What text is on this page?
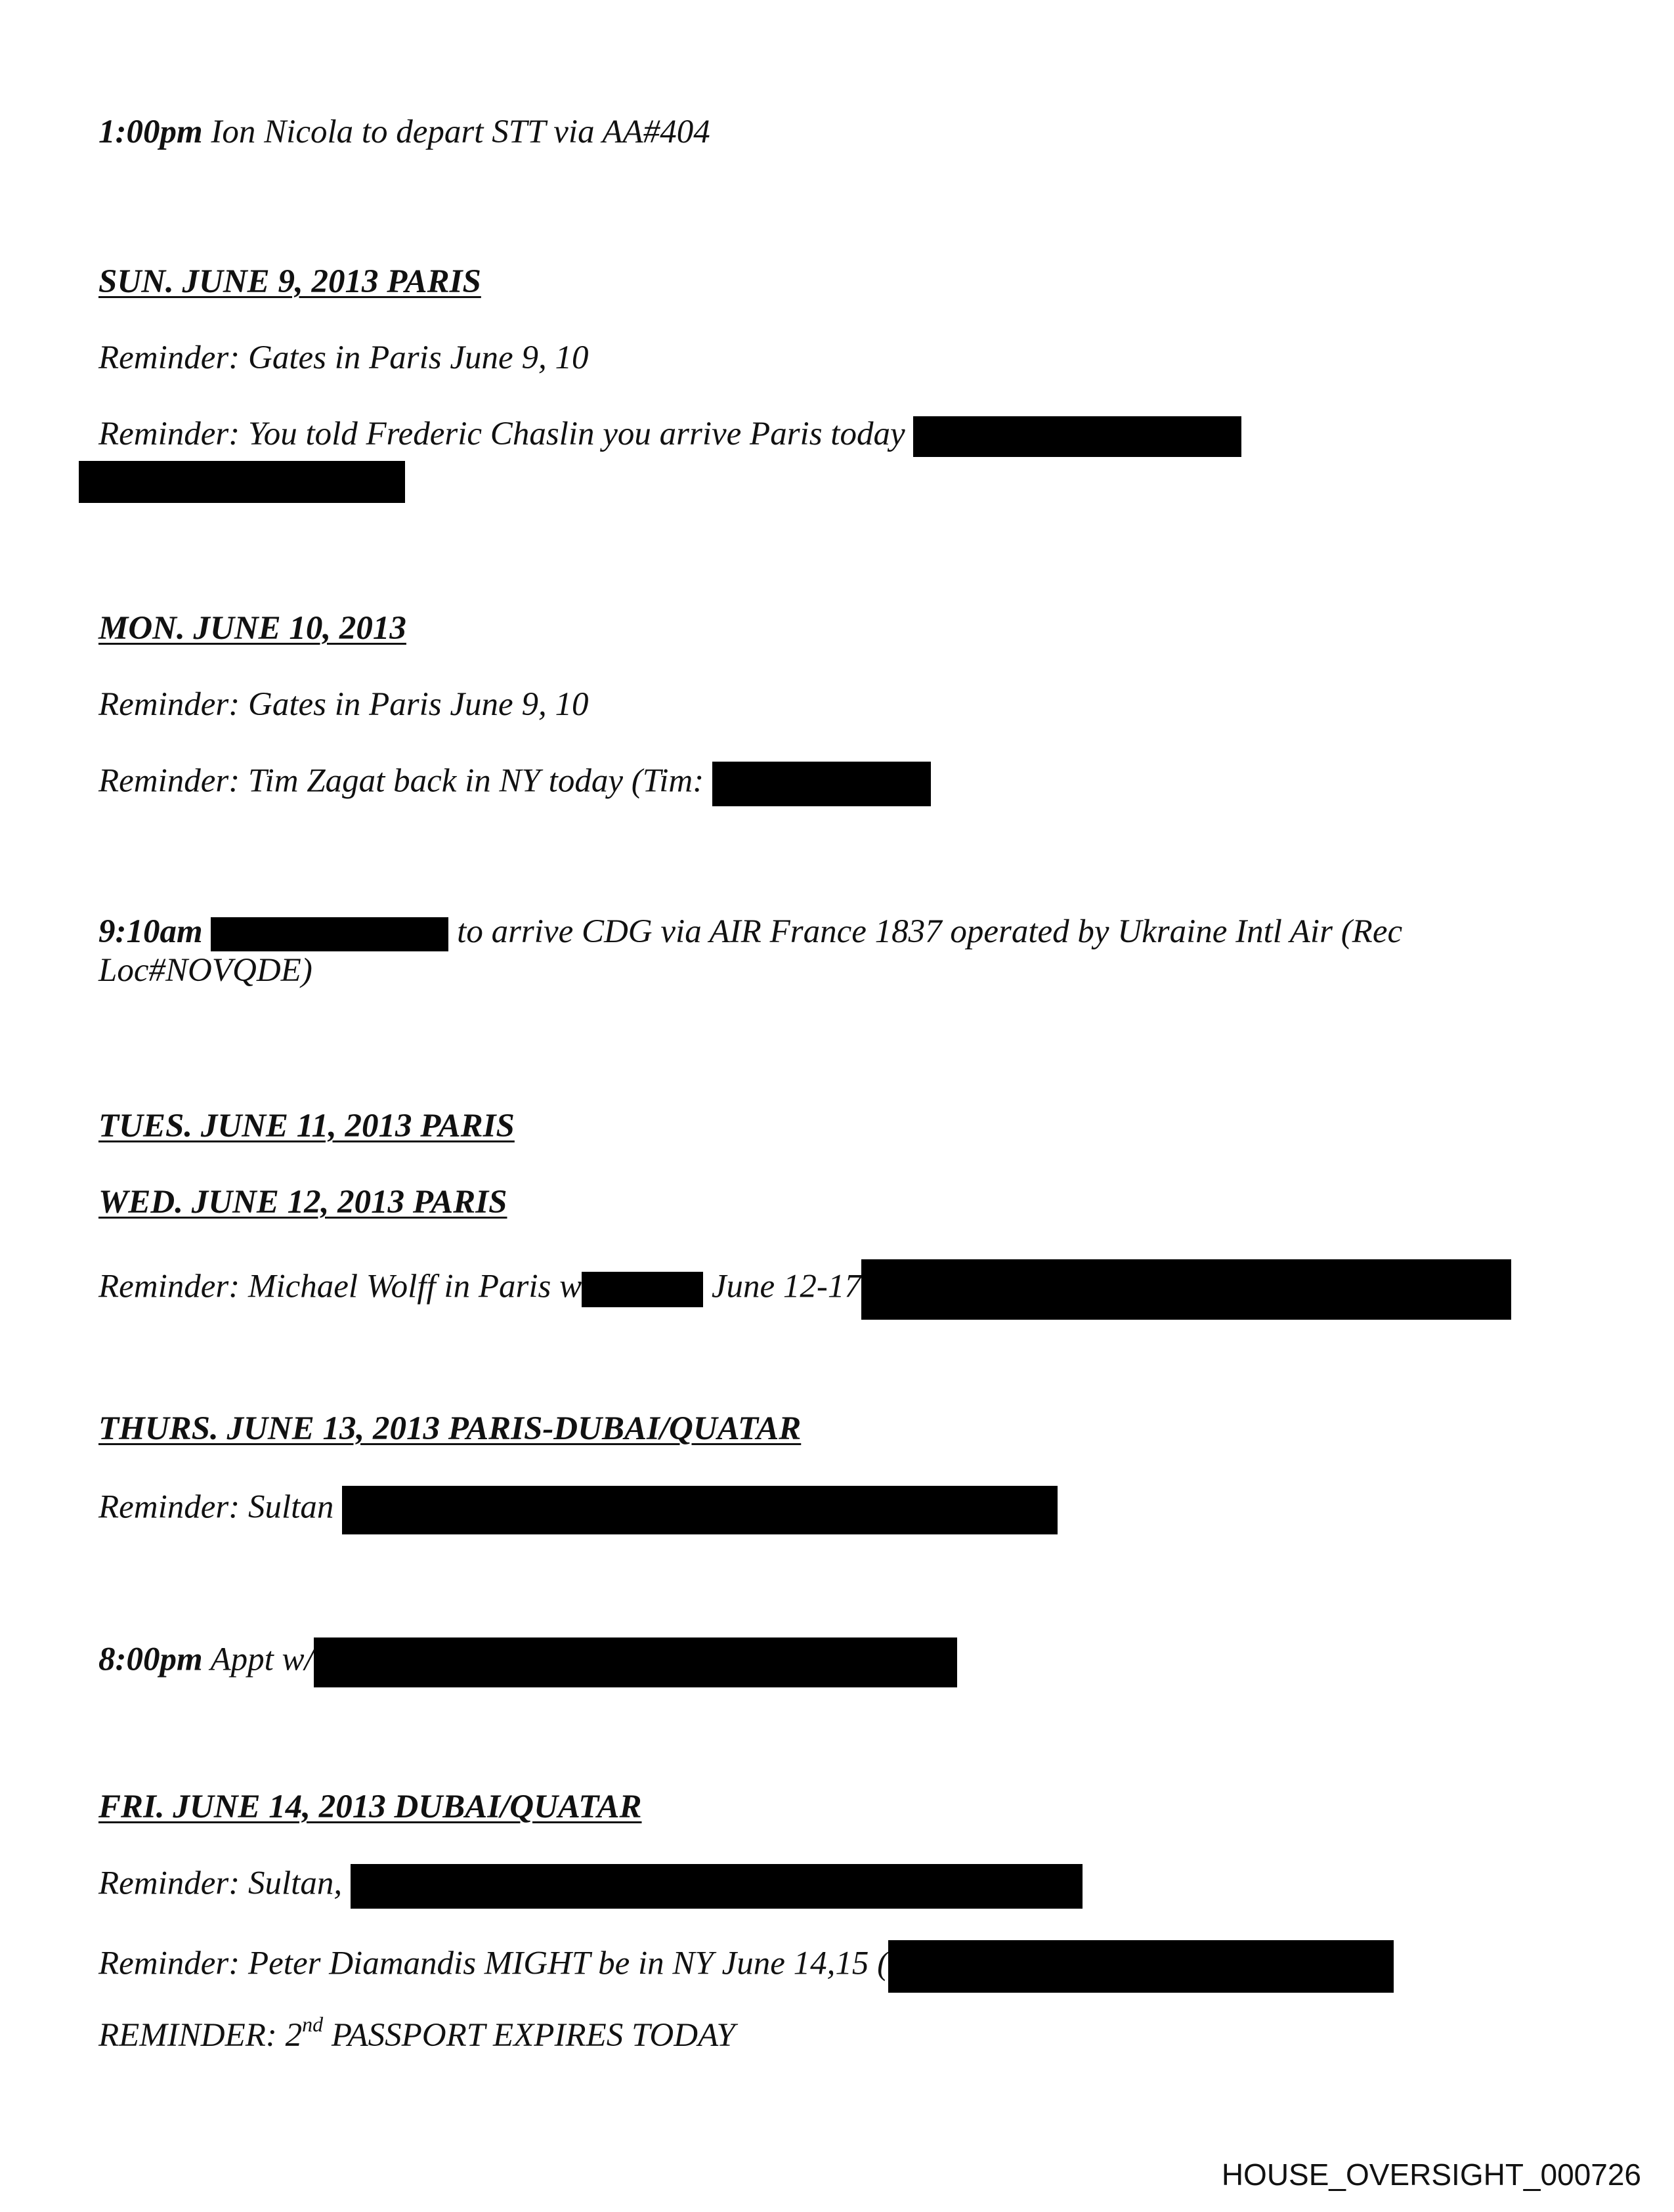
1:00pm Ion Nicola to depart STT via AA#404

SUN. JUNE 9, 2013 PARIS

Reminder: Gates in Paris June 9, 10

Reminder: You told Frederic Chaslin you arrive Paris today

MON. JUNE 10, 2013

Reminder: Gates in Paris June 9, 10

Reminder: Tim Zagat back in NY today (Tim:

9:10am	to arrive CDG via AIR France 1837 operated by Ukraine Intl Air (Rec Loc#NOVQDE)

TUES. JUNE 11, 2013 PARIS

WED. JUNE 12, 2013 PARIS

Reminder: Michael Wolff in Paris w	June 12-17

THURS. JUNE 13, 2013 PARIS-DUBAI/QUATAR

Reminder: Sultan

8:00pm Appt w/

FRI. JUNE 14, 2013 DUBAI/QUATAR

Reminder: Sultan,

Reminder: Peter Diamandis MIGHT be in NY June 14,15 (

REMINDER: 2nd PASSPORT EXPIRES TODAY

HOUSE_OVERSIGHT_000726
